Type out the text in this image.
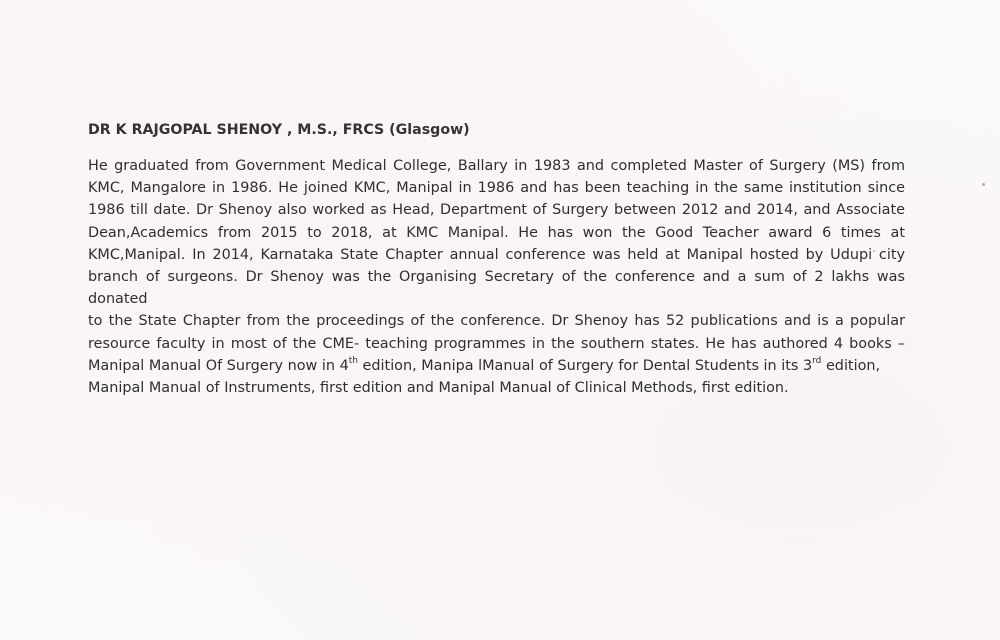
DR K RAJGOPAL SHENOY , M.S., FRCS (Glasgow)
He graduated from Government Medical College, Ballary in 1983 and completed Master of Surgery (MS) from
KMC, Mangalore in 1986. He joined KMC, Manipal in 1986 and has been teaching in the same institution since
1986 till date. Dr Shenoy also worked as Head, Department of Surgery between 2012 and 2014, and Associate
Dean,Academics from 2015 to 2018, at KMC Manipal. He has won the Good Teacher award 6 times at
KMC,Manipal. In 2014, Karnataka State Chapter annual conference was held at Manipal hosted by Udupi city
branch of surgeons. Dr Shenoy was the Organising Secretary of the conference and a sum of 2 lakhs was donated
to the State Chapter from the proceedings of the conference. Dr Shenoy has 52 publications and is a popular
resource faculty in most of the CME- teaching programmes in the southern states. He has authored 4 books –
Manipal Manual Of Surgery now in 4th edition, Manipa lManual of Surgery for Dental Students in its 3rd edition,
Manipal Manual of Instruments, first edition and Manipal Manual of Clinical Methods, first edition.
